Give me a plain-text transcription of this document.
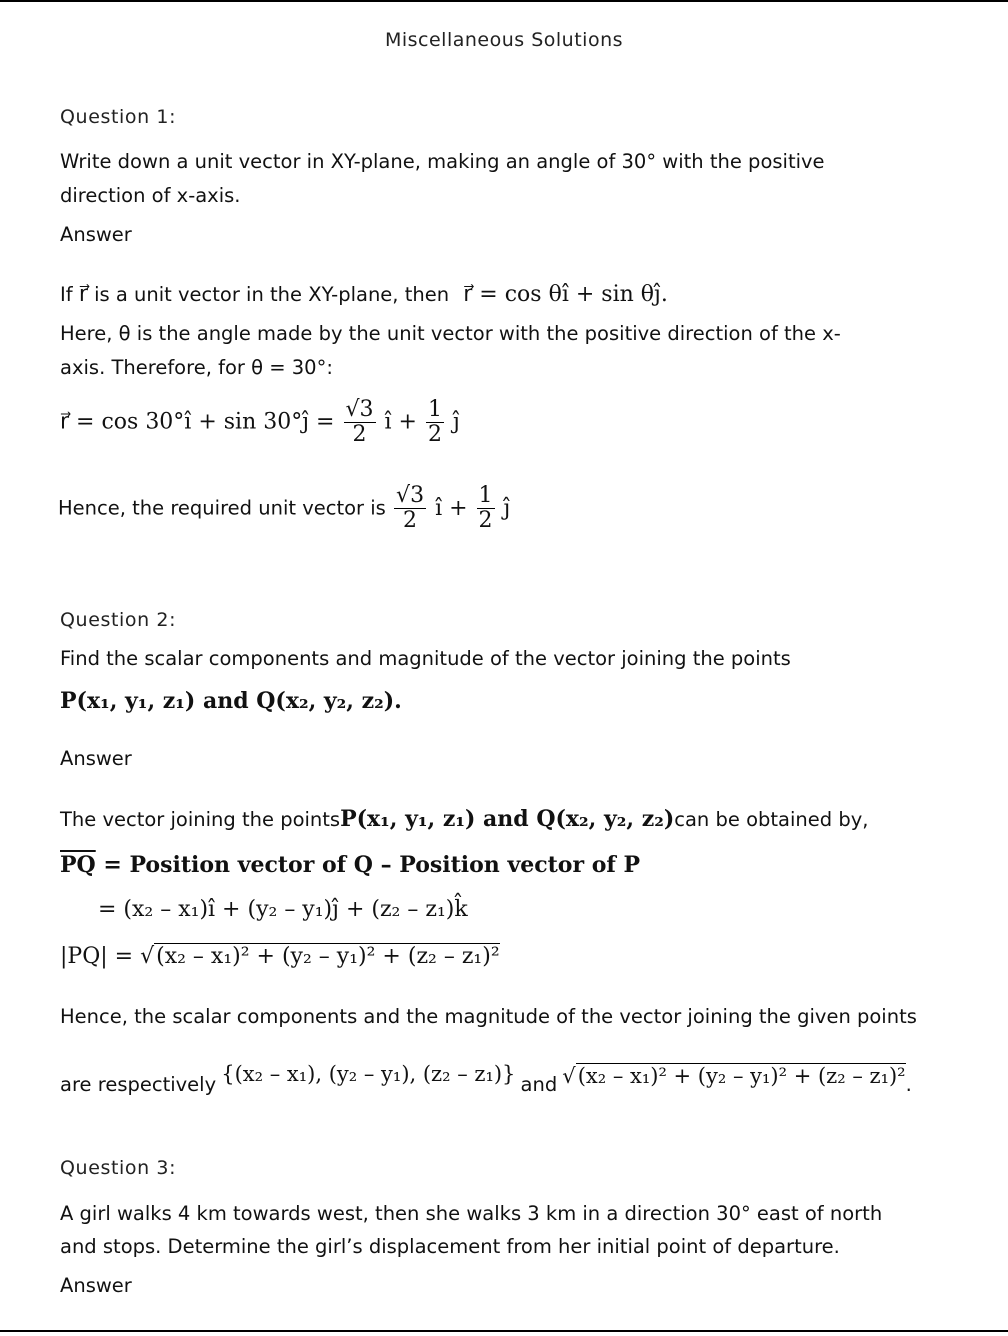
Miscellaneous Solutions
Question 1:
Write down a unit vector in XY-plane, making an angle of 30° with the positive
direction of x-axis.
Answer
If r⃗ is a unit vector in the XY-plane, then r⃗ = cos θî + sin θĵ.
Here, θ is the angle made by the unit vector with the positive direction of the x-
axis. Therefore, for θ = 30°:
r⃗ = cos 30°î + sin 30°ĵ = $\frac{√3}{2}$ î + $\frac{1}{2}$ ĵ
Hence, the required unit vector is $\frac{√3}{2}$ î + $\frac{1}{2}$ ĵ
Question 2:
Find the scalar components and magnitude of the vector joining the points
P(x₁, y₁, z₁) and Q(x₂, y₂, z₂).
Answer
The vector joining the pointsP(x₁, y₁, z₁) and Q(x₂, y₂, z₂)can be obtained by,
$\overline{PQ}$ = Position vector of Q – Position vector of P
= (x₂ – x₁)î + (y₂ – y₁)ĵ + (z₂ – z₁)k̂
|PQ| = √(x₂ – x₁)² + (y₂ – y₁)² + (z₂ – z₁)²
Hence, the scalar components and the magnitude of the vector joining the given points
are respectively {(x₂ – x₁), (y₂ – y₁), (z₂ – z₁)} and √(x₂ – x₁)² + (y₂ – y₁)² + (z₂ – z₁)².
Question 3:
A girl walks 4 km towards west, then she walks 3 km in a direction 30° east of north
and stops. Determine the girl’s displacement from her initial point of departure.
Answer
